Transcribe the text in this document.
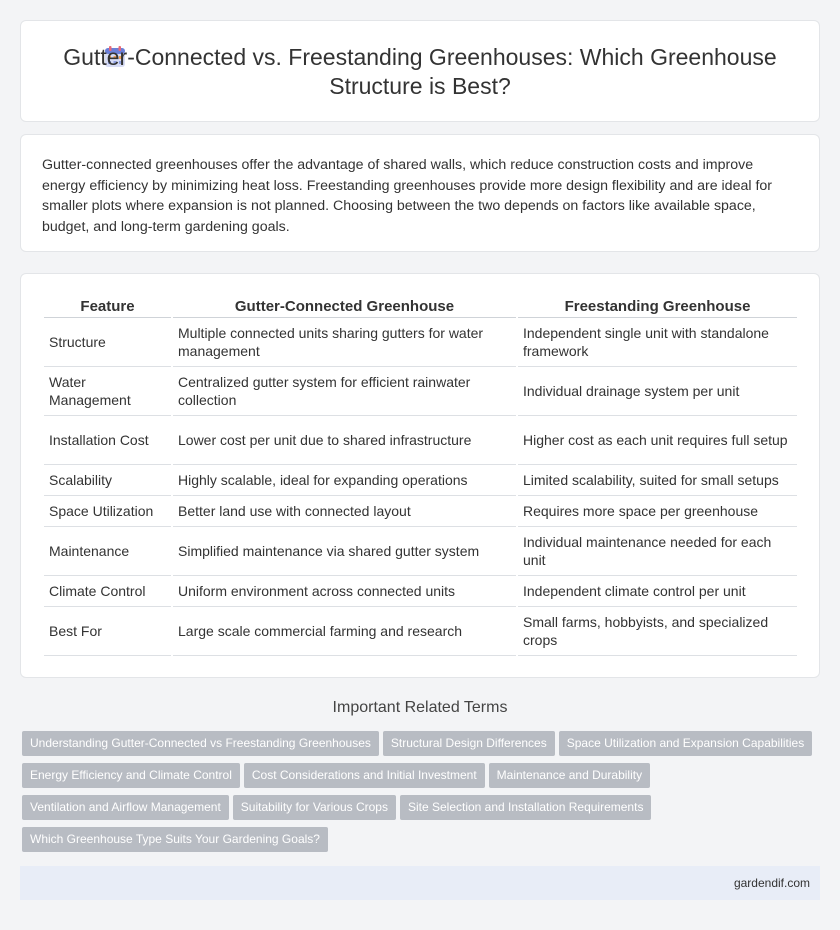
Gutter-Connected vs. Freestanding Greenhouses: Which Greenhouse Structure is Best?

Gutter-connected greenhouses offer the advantage of shared walls, which reduce construction costs and improve energy efficiency by minimizing heat loss. Freestanding greenhouses provide more design flexibility and are ideal for smaller plots where expansion is not planned. Choosing between the two depends on factors like available space, budget, and long-term gardening goals.

Feature	Gutter-Connected Greenhouse	Freestanding Greenhouse
Structure	Multiple connected units sharing gutters for water management	Independent single unit with standalone framework
Water Management	Centralized gutter system for efficient rainwater collection	Individual drainage system per unit
Installation Cost	Lower cost per unit due to shared infrastructure	Higher cost as each unit requires full setup
Scalability	Highly scalable, ideal for expanding operations	Limited scalability, suited for small setups
Space Utilization	Better land use with connected layout	Requires more space per greenhouse
Maintenance	Simplified maintenance via shared gutter system	Individual maintenance needed for each unit
Climate Control	Uniform environment across connected units	Independent climate control per unit
Best For	Large scale commercial farming and research	Small farms, hobbyists, and specialized crops
Important Related Terms
Understanding Gutter-Connected vs Freestanding Greenhouses Structural Design Differences Space Utilization and Expansion Capabilities
Energy Efficiency and Climate Control Cost Considerations and Initial Investment Maintenance and Durability
Ventilation and Airflow Management Suitability for Various Crops Site Selection and Installation Requirements
Which Greenhouse Type Suits Your Gardening Goals?
gardendif.com
